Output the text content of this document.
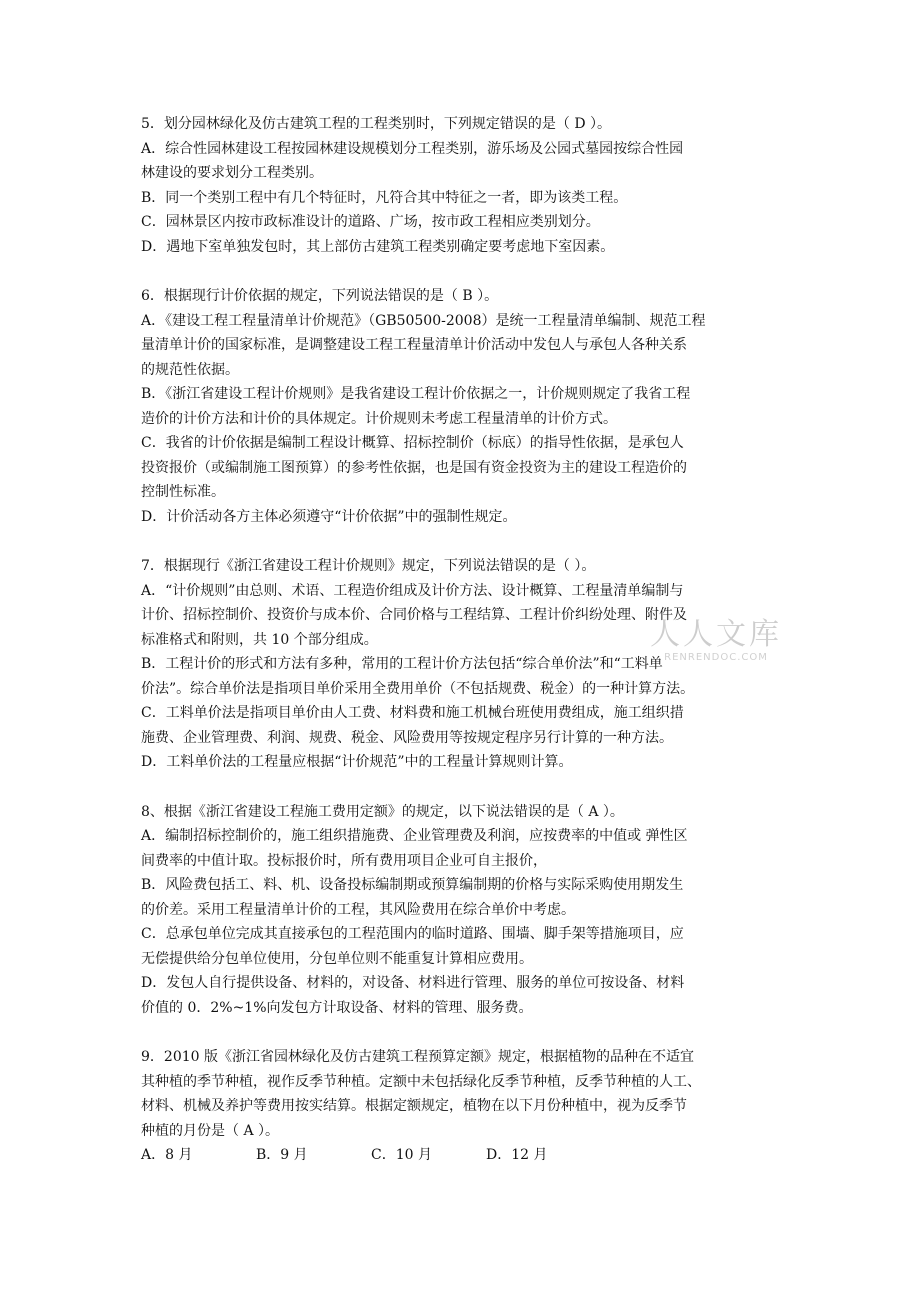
5．划分园林绿化及仿古建筑工程的工程类别时，下列规定错误的是（ D ）。
A．综合性园林建设工程按园林建设规模划分工程类别，游乐场及公园式墓园按综合性园
林建设的要求划分工程类别。
B．同一个类别工程中有几个特征时，凡符合其中特征之一者，即为该类工程。
C．园林景区内按市政标准设计的道路、广场，按市政工程相应类别划分。
D．遇地下室单独发包时，其上部仿古建筑工程类别确定要考虑地下室因素。
6．根据现行计价依据的规定，下列说法错误的是（ B ）。
A．《建设工程工程量清单计价规范》（GB50500-2008）是统一工程量清单编制、规范工程
量清单计价的国家标准，是调整建设工程工程量清单计价活动中发包人与承包人各种关系
的规范性依据。
B．《浙江省建设工程计价规则》是我省建设工程计价依据之一，计价规则规定了我省工程
造价的计价方法和计价的具体规定。计价规则未考虑工程量清单的计价方式。
C．我省的计价依据是编制工程设计概算、招标控制价（标底）的指导性依据，是承包人
投资报价（或编制施工图预算）的参考性依据，也是国有资金投资为主的建设工程造价的
控制性标准。
D．计价活动各方主体必须遵守“计价依据”中的强制性规定。
7．根据现行《浙江省建设工程计价规则》规定，下列说法错误的是（ ）。
A．“计价规则”由总则、术语、工程造价组成及计价方法、设计概算、工程量清单编制与
计价、招标控制价、投资价与成本价、合同价格与工程结算、工程计价纠纷处理、附件及
标准格式和附则，共 10 个部分组成。
B．工程计价的形式和方法有多种，常用的工程计价方法包括“综合单价法”和“工料单
价法”。综合单价法是指项目单价采用全费用单价（不包括规费、税金）的一种计算方法。
C．工料单价法是指项目单价由人工费、材料费和施工机械台班使用费组成，施工组织措
施费、企业管理费、利润、规费、税金、风险费用等按规定程序另行计算的一种方法。
D．工料单价法的工程量应根据“计价规范”中的工程量计算规则计算。
8、根据《浙江省建设工程施工费用定额》的规定，以下说法错误的是（ A ）。
A．编制招标控制价的，施工组织措施费、企业管理费及利润，应按费率的中值或 弹性区
间费率的中值计取。投标报价时，所有费用项目企业可自主报价，
B．风险费包括工、料、机、设备投标编制期或预算编制期的价格与实际采购使用期发生
的价差。采用工程量清单计价的工程，其风险费用在综合单价中考虑。
C．总承包单位完成其直接承包的工程范围内的临时道路、围墙、脚手架等措施项目，应
无偿提供给分包单位使用，分包单位则不能重复计算相应费用。
D．发包人自行提供设备、材料的，对设备、材料进行管理、服务的单位可按设备、材料
价值的 0．2%~1%向发包方计取设备、材料的管理、服务费。
9．2010 版《浙江省园林绿化及仿古建筑工程预算定额》规定，根据植物的品种在不适宜
其种植的季节种植，视作反季节种植。定额中未包括绿化反季节种植，反季节种植的人工、
材料、机械及养护等费用按实结算。根据定额规定，植物在以下月份种植中，视为反季节
种植的月份是（ A ）。
A．8 月	B．9 月	C．10 月	D．12 月
人人文库
RENRENDOC.COM
